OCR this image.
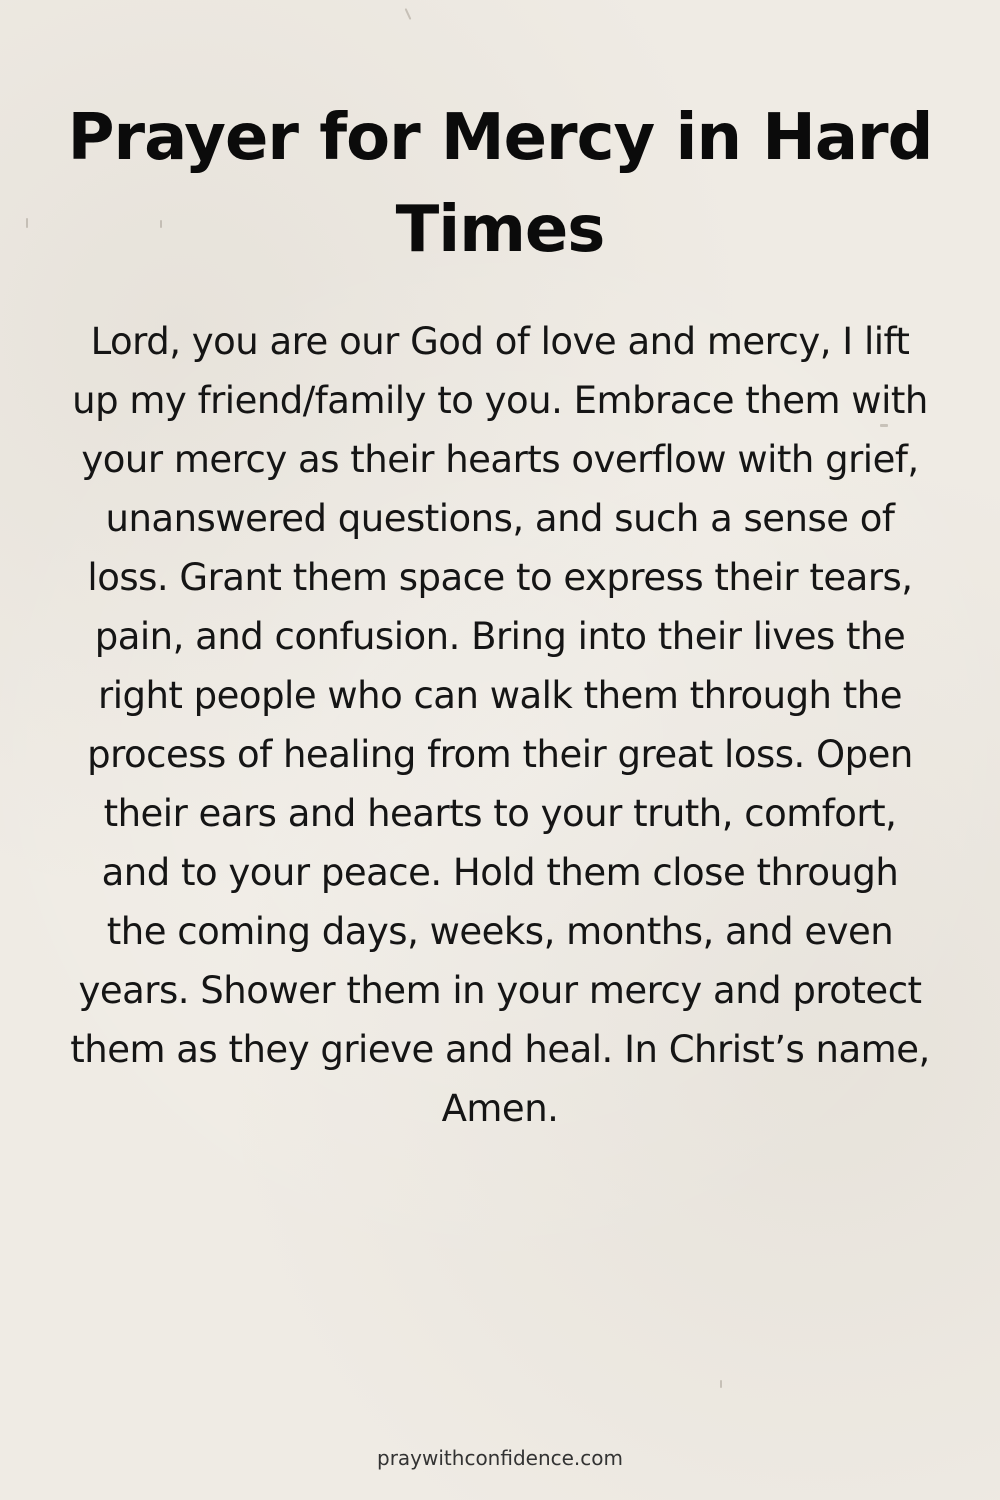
Prayer for Mercy in Hard Times

Lord, you are our God of love and mercy, I lift up my friend/family to you. Embrace them with your mercy as their hearts overflow with grief, unanswered questions, and such a sense of loss. Grant them space to express their tears, pain, and confusion. Bring into their lives the right people who can walk them through the process of healing from their great loss. Open their ears and hearts to your truth, comfort, and to your peace. Hold them close through the coming days, weeks, months, and even years. Shower them in your mercy and protect them as they grieve and heal. In Christ’s name, Amen.

praywithconfidence.com
